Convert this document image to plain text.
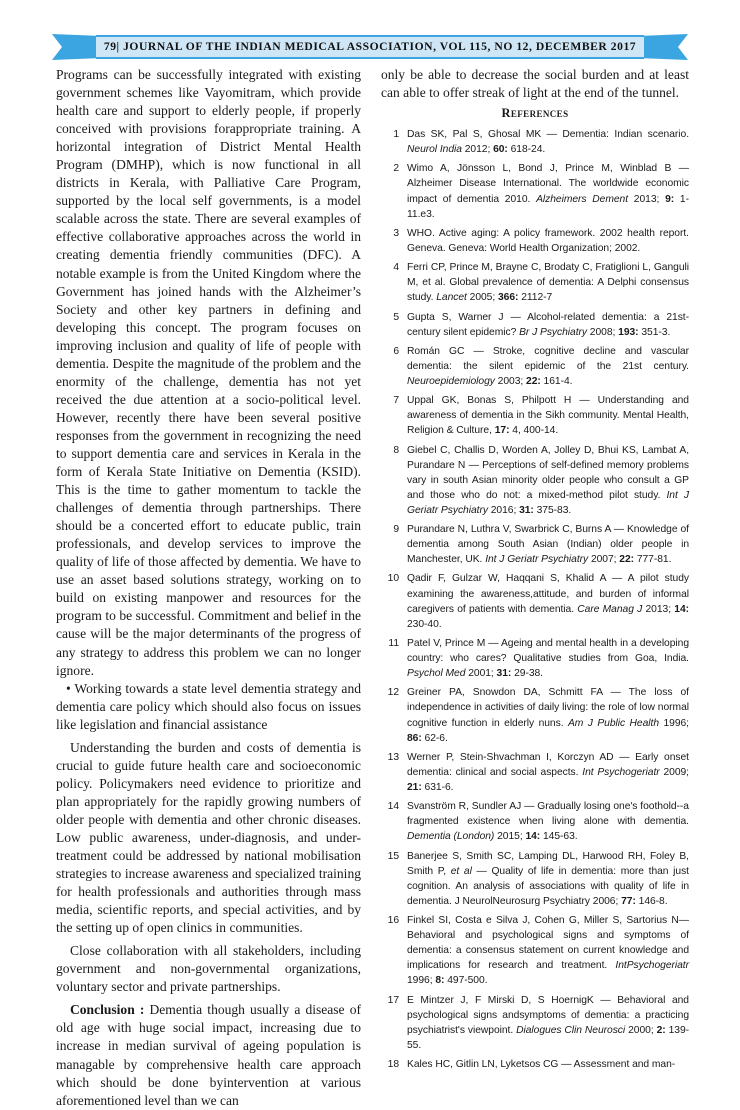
79| JOURNAL OF THE INDIAN MEDICAL ASSOCIATION, VOL 115, NO 12, DECEMBER 2017

Programs can be successfully integrated with existing government schemes like Vayomitram, which provide health care and support to elderly people, if properly conceived with provisions forappropriate training. A horizontal integration of District Mental Health Program (DMHP), which is now functional in all districts in Kerala, with Palliative Care Program, supported by the local self governments, is a model scalable across the state. There are several examples of effective collaborative approaches across the world in creating dementia friendly communities (DFC). A notable example is from the United Kingdom where the Government has joined hands with the Alzheimer’s Society and other key partners in defining and developing this concept. The program focuses on improving inclusion and quality of life of people with dementia. Despite the magnitude of the problem and the enormity of the challenge, dementia has not yet received the due attention at a socio-political level. However, recently there have been several positive responses from the government in recognizing the need to support dementia care and services in Kerala in the form of Kerala State Initiative on Dementia (KSID). This is the time to gather momentum to tackle the challenges of dementia through partnerships. There should be a concerted effort to educate public, train professionals, and develop services to improve the quality of life of those affected by dementia. We have to use an asset based solutions strategy, working on to build on existing manpower and resources for the program to be successful. Commitment and belief in the cause will be the major determinants of the progress of any strategy to address this problem we can no longer ignore.

• Working towards a state level dementia strategy and dementia care policy which should also focus on issues like legislation and financial assistance

Understanding the burden and costs of dementia is crucial to guide future health care and socioeconomic policy. Policymakers need evidence to prioritize and plan appropriately for the rapidly growing numbers of older people with dementia and other chronic diseases. Low public awareness, under-diagnosis, and under-treatment could be addressed by national mobilisation strategies to increase awareness and specialized training for health professionals and authorities through mass media, scientific reports, and special activities, and by the setting up of open clinics in communities.

Close collaboration with all stakeholders, including government and non-governmental organizations, voluntary sector and private partnerships.

Conclusion : Dementia though usually a disease of old age with huge social impact, increasing due to increase in median survival of ageing population is managable by comprehensive health care approach which should be done byintervention at various aforementioned level than we can

only be able to decrease the social burden and at least can able to offer streak of light at the end of the tunnel.

References
1 Das SK, Pal S, Ghosal MK — Dementia: Indian scenario. Neurol India 2012; 60: 618-24.
2 Wimo A, Jönsson L, Bond J, Prince M, Winblad B — Alzheimer Disease International. The worldwide economic impact of dementia 2010. Alzheimers Dement 2013; 9: 1-11.e3.
3 WHO. Active aging: A policy framework. 2002 health report. Geneva. Geneva: World Health Organization; 2002.
4 Ferri CP, Prince M, Brayne C, Brodaty C, Fratiglioni L, Ganguli M, et al. Global prevalence of dementia: A Delphi consensus study. Lancet 2005; 366: 2112-7
5 Gupta S, Warner J — Alcohol-related dementia: a 21st-century silent epidemic? Br J Psychiatry 2008; 193: 351-3.
6 Román GC — Stroke, cognitive decline and vascular dementia: the silent epidemic of the 21st century. Neuroepidemiology 2003; 22: 161-4.
7 Uppal GK, Bonas S, Philpott H — Understanding and awareness of dementia in the Sikh community. Mental Health, Religion & Culture, 17: 4, 400-14.
8 Giebel C, Challis D, Worden A, Jolley D, Bhui KS, Lambat A, Purandare N — Perceptions of self-defined memory problems vary in south Asian minority older people who consult a GP and those who do not: a mixed-method pilot study. Int J Geriatr Psychiatry 2016; 31: 375-83.
9 Purandare N, Luthra V, Swarbrick C, Burns A — Knowledge of dementia among South Asian (Indian) older people in Manchester, UK. Int J Geriatr Psychiatry 2007; 22: 777-81.
10 Qadir F, Gulzar W, Haqqani S, Khalid A — A pilot study examining the awareness,attitude, and burden of informal caregivers of patients with dementia. Care Manag J 2013; 14: 230-40.
11 Patel V, Prince M — Ageing and mental health in a developing country: who cares? Qualitative studies from Goa, India. Psychol Med 2001; 31: 29-38.
12 Greiner PA, Snowdon DA, Schmitt FA — The loss of independence in activities of daily living: the role of low normal cognitive function in elderly nuns. Am J Public Health 1996; 86: 62-6.
13 Werner P, Stein-Shvachman I, Korczyn AD — Early onset dementia: clinical and social aspects. Int Psychogeriatr 2009; 21: 631-6.
14 Svanström R, Sundler AJ — Gradually losing one's foothold--a fragmented existence when living alone with dementia. Dementia (London) 2015; 14: 145-63.
15 Banerjee S, Smith SC, Lamping DL, Harwood RH, Foley B, Smith P, et al — Quality of life in dementia: more than just cognition. An analysis of associations with quality of life in dementia. J NeurolNeurosurg Psychiatry 2006; 77: 146-8.
16 Finkel SI, Costa e Silva J, Cohen G, Miller S, Sartorius N— Behavioral and psychological signs and symptoms of dementia: a consensus statement on current knowledge and implications for research and treatment. IntPsychogeriatr 1996; 8: 497-500.
17 E Mintzer J, F Mirski D, S HoernigK — Behavioral and psychological signs andsymptoms of dementia: a practicing psychiatrist's viewpoint. Dialogues Clin Neurosci 2000; 2: 139-55.
18 Kales HC, Gitlin LN, Lyketsos CG — Assessment and man-
